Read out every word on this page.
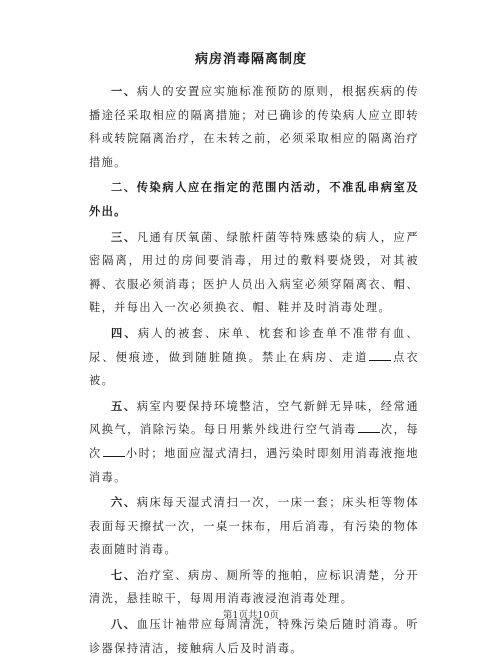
病房消毒隔离制度

一、病人的安置应实施标准预防的原则，根据疾病的传播途径采取相应的隔离措施；对已确诊的传染病人应立即转科或转院隔离治疗，在未转之前，必须采取相应的隔离治疗措施。

二、传染病人应在指定的范围内活动，不准乱串病室及外出。

三、凡通有厌氧菌、绿脓杆菌等特殊感染的病人，应严密隔离，用过的房间要消毒，用过的敷料要烧毁，对其被褥、衣服必须消毒；医护人员出入病室必须穿隔离衣、帽、鞋，并每出入一次必须换衣、帽、鞋并及时消毒处理。

四、病人的被套、床单、枕套和诊查单不准带有血、尿、便痕迹，做到随脏随换。禁止在病房、走道 点衣被。

五、病室内要保持环境整洁，空气新鲜无异味，经常通风换气，消除污染。每日用紫外线进行空气消毒 次，每次 小时；地面应湿式清扫，遇污染时即刻用消毒液拖地消毒。

六、病床每天湿式清扫一次，一床一套；床头柜等物体表面每天擦拭一次，一桌一抹布，用后消毒，有污染的物体表面随时消毒。

七、治疗室、病房、厕所等的拖帕，应标识清楚，分开清洗，悬挂晾干，每周用消毒液浸泡消毒处理。

八、血压计袖带应每周清洗，特殊污染后随时消毒。听诊器保持清洁，接触病人后及时消毒。

第1页共10页
